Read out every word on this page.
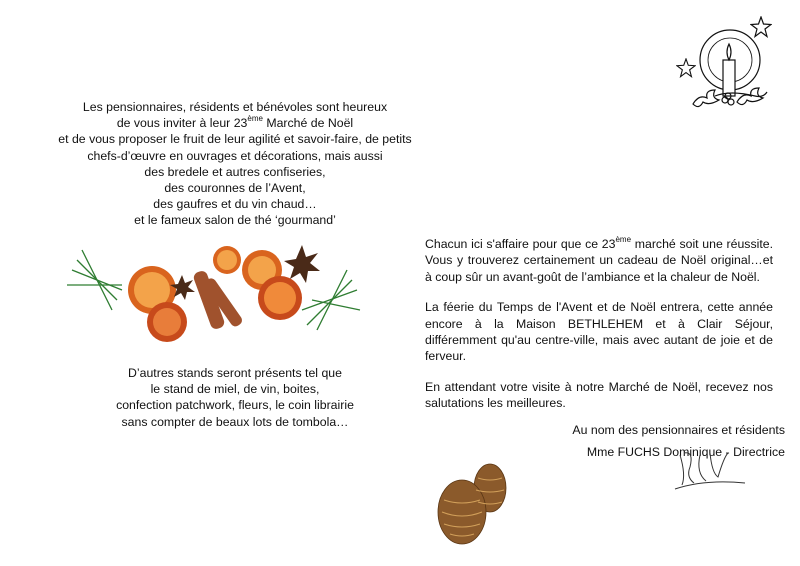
Les pensionnaires, résidents et bénévoles sont heureux
de vous inviter à leur 23ème Marché de Noël
et de vous proposer le fruit de leur agilité et savoir-faire, de petits
chefs-d’œuvre en ouvrages et décorations, mais aussi
des bredele et autres confiseries,
des couronnes de l’Avent,
des gaufres et du vin chaud…
et le fameux salon de thé ‘gourmand’
D’autres stands seront présents tel que
le stand de miel, de vin, boites,
confection patchwork, fleurs, le coin librairie
sans compter de beaux lots de tombola…

Chacun ici s'affaire pour que ce 23ème marché soit une réussite. Vous y trouverez certainement un cadeau de Noël original…et à coup sûr un avant-goût de l’ambiance et la chaleur de Noël.

La féerie du Temps de l'Avent et de Noël entrera, cette année encore à la Maison BETHLEHEM et à Clair Séjour, différemment qu'au centre-ville, mais avec autant de joie et de ferveur.

En attendant votre visite à notre Marché de Noël, recevez nos salutations les meilleures.

Au nom des pensionnaires et résidents
Mme FUCHS Dominique - Directrice
